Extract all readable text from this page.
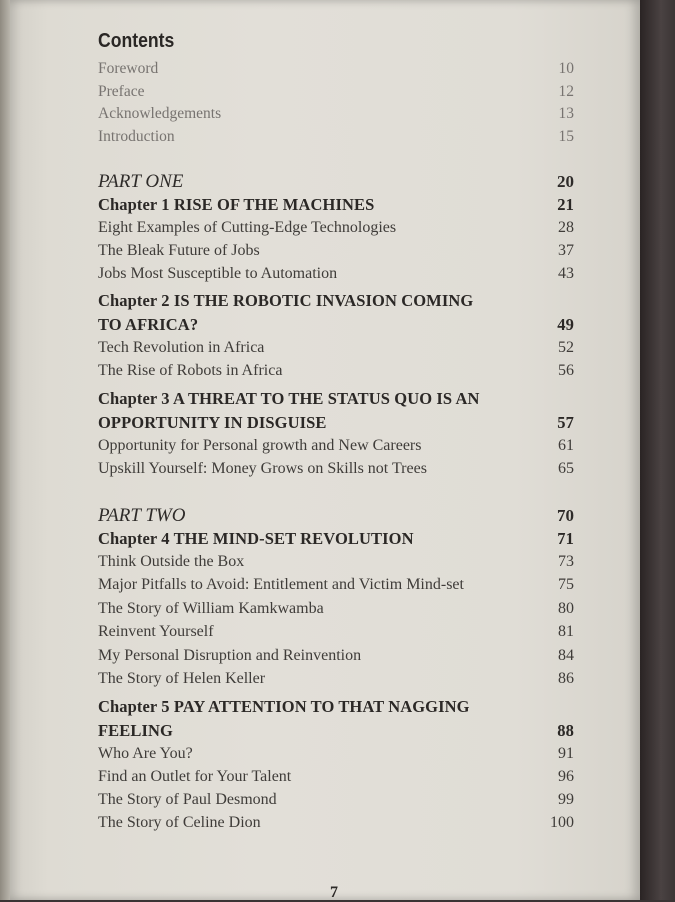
Contents
Foreword	10
Preface	12
Acknowledgements	13
Introduction	15
PART ONE	20
Chapter 1 RISE OF THE MACHINES	21
Eight Examples of Cutting-Edge Technologies	28
The Bleak Future of Jobs	37
Jobs Most Susceptible to Automation	43
Chapter 2 IS THE ROBOTIC INVASION COMING
TO AFRICA?	49
Tech Revolution in Africa	52
The Rise of Robots in Africa	56
Chapter 3 A THREAT TO THE STATUS QUO IS AN
OPPORTUNITY IN DISGUISE	57
Opportunity for Personal growth and New Careers	61
Upskill Yourself: Money Grows on Skills not Trees	65
PART TWO	70
Chapter 4 THE MIND-SET REVOLUTION	71
Think Outside the Box	73
Major Pitfalls to Avoid: Entitlement and Victim Mind-set	75
The Story of William Kamkwamba	80
Reinvent Yourself	81
My Personal Disruption and Reinvention	84
The Story of Helen Keller	86
Chapter 5 PAY ATTENTION TO THAT NAGGING
FEELING	88
Who Are You?	91
Find an Outlet for Your Talent	96
The Story of Paul Desmond	99
The Story of Celine Dion	100
7
